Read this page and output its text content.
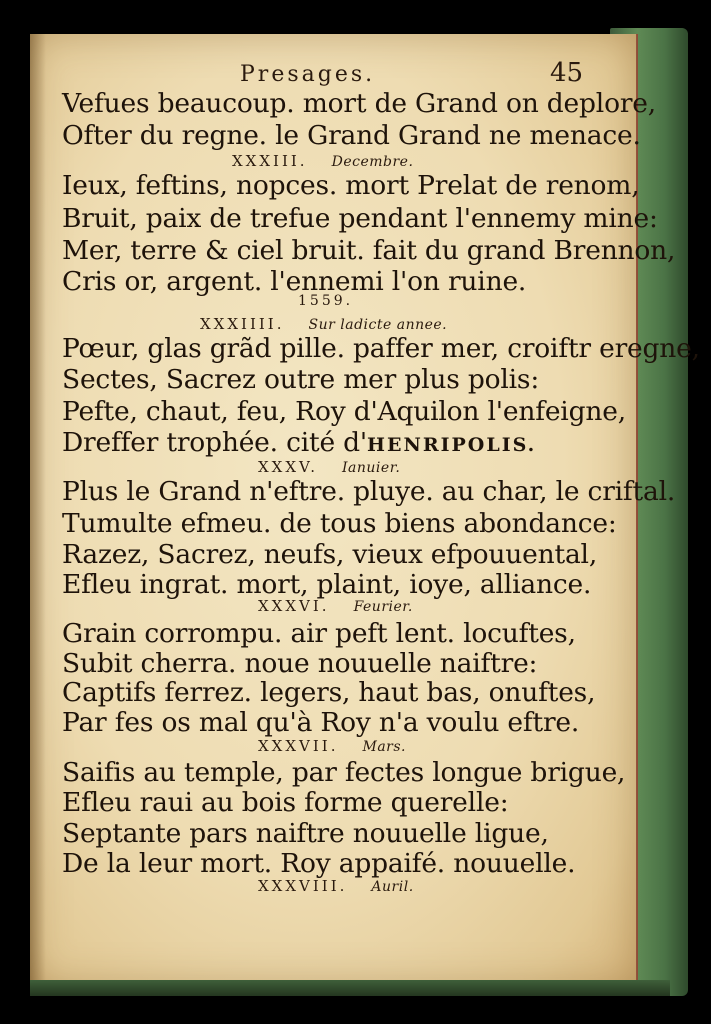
Presages.	45
Vefues beaucoup. mort de Grand on deplore,
Ofter du regne. le Grand Grand ne menace.
XXXIII. Decembre.
Ieux, feftins, nopces. mort Prelat de renom,
Bruit, paix de trefue pendant l'ennemy mine:
Mer, terre & ciel bruit. fait du grand Brennon,
Cris or, argent. l'ennemi l'on ruine.
1559.
XXXIIII. Sur ladicte annee.
Pœur, glas grãd pille. paffer mer, croiftr eregne,
Sectes, Sacrez outre mer plus polis:
Pefte, chaut, feu, Roy d'Aquilon l'enfeigne,
Dreffer trophée. cité d'HENRIPOLIS.
XXXV. Ianuier.
Plus le Grand n'eftre. pluye. au char, le criftal.
Tumulte efmeu. de tous biens abondance:
Razez, Sacrez, neufs, vieux efpouuental,
Efleu ingrat. mort, plaint, ioye, alliance.
XXXVI. Feurier.
Grain corrompu. air peft lent. locuftes,
Subit cherra. noue nouuelle naiftre:
Captifs ferrez. legers, haut bas, onuftes,
Par fes os mal qu'à Roy n'a voulu eftre.
XXXVII. Mars.
Saifis au temple, par fectes longue brigue,
Efleu raui au bois forme querelle:
Septante pars naiftre nouuelle ligue,
De la leur mort. Roy appaifé. nouuelle.
XXXVIII. Auril.
